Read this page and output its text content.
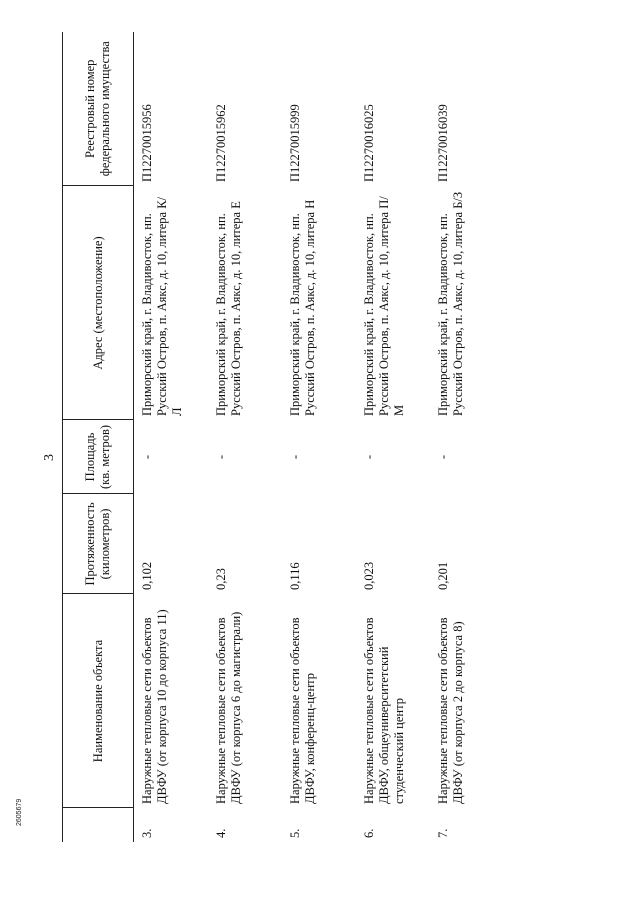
3
	Наименование объекта	Протяженность (километров)	Площадь (кв. метров)	Адрес (местоположение)	Реестровый номер федерального имущества
3.	Наружные тепловые сети объектов ДВФУ (от корпуса 10 до корпуса 11)	0,102	-	Приморский край, г. Владивосток, нп. Русский Остров, п. Аякс, д. 10, литера К/Л	П12270015956
4.	Наружные тепловые сети объектов ДВФУ (от корпуса 6 до магистрали)	0,23	-	Приморский край, г. Владивосток, нп. Русский Остров, п. Аякс, д. 10, литера Е	П12270015962
5.	Наружные тепловые сети объектов ДВФУ, конференц-центр	0,116	-	Приморский край, г. Владивосток, нп. Русский Остров, п. Аякс, д. 10, литера Н	П12270015999
6.	Наружные тепловые сети объектов ДВФУ, общеуниверситетский студенческий центр	0,023	-	Приморский край, г. Владивосток, нп. Русский Остров, п. Аякс, д. 10, литера П/М	П12270016025
7.	Наружные тепловые сети объектов ДВФУ (от корпуса 2 до корпуса 8)	0,201	-	Приморский край, г. Владивосток, нп. Русский Остров, п. Аякс, д. 10, литера Б/З	П12270016039
2605679
